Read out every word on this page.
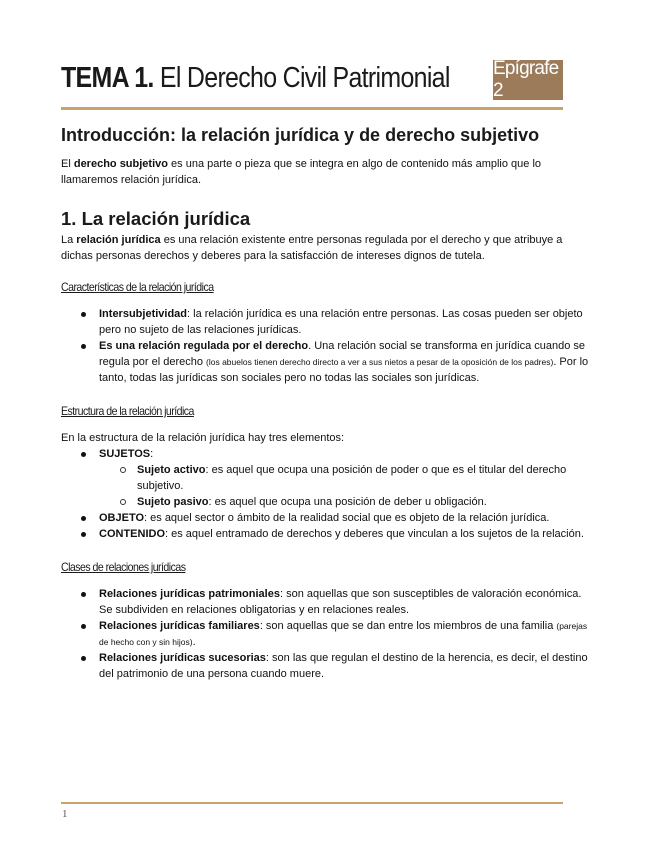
TEMA 1. El Derecho Civil Patrimonial Epígrafe 2
Introducción: la relación jurídica y de derecho subjetivo

El derecho subjetivo es una parte o pieza que se integra en algo de contenido más amplio que lo llamaremos relación jurídica.

1. La relación jurídica

La relación jurídica es una relación existente entre personas regulada por el derecho y que atribuye a dichas personas derechos y deberes para la satisfacción de intereses dignos de tutela.

Características de la relación jurídica
Intersubjetividad: la relación jurídica es una relación entre personas. Las cosas pueden ser objeto pero no sujeto de las relaciones jurídicas.
Es una relación regulada por el derecho. Una relación social se transforma en jurídica cuando se regula por el derecho (los abuelos tienen derecho directo a ver a sus nietos a pesar de la oposición de los padres). Por lo tanto, todas las jurídicas son sociales pero no todas las sociales son jurídicas.
Estructura de la relación jurídica

En la estructura de la relación jurídica hay tres elementos:

SUJETOS:
Sujeto activo: es aquel que ocupa una posición de poder o que es el titular del derecho subjetivo.
Sujeto pasivo: es aquel que ocupa una posición de deber u obligación.
OBJETO: es aquel sector o ámbito de la realidad social que es objeto de la relación jurídica.
CONTENIDO: es aquel entramado de derechos y deberes que vinculan a los sujetos de la relación.
Clases de relaciones jurídicas
Relaciones jurídicas patrimoniales: son aquellas que son susceptibles de valoración económica. Se subdividen en relaciones obligatorias y en relaciones reales.
Relaciones jurídicas familiares: son aquellas que se dan entre los miembros de una familia (parejas de hecho con y sin hijos).
Relaciones jurídicas sucesorias: son las que regulan el destino de la herencia, es decir, el destino del patrimonio de una persona cuando muere.
1
